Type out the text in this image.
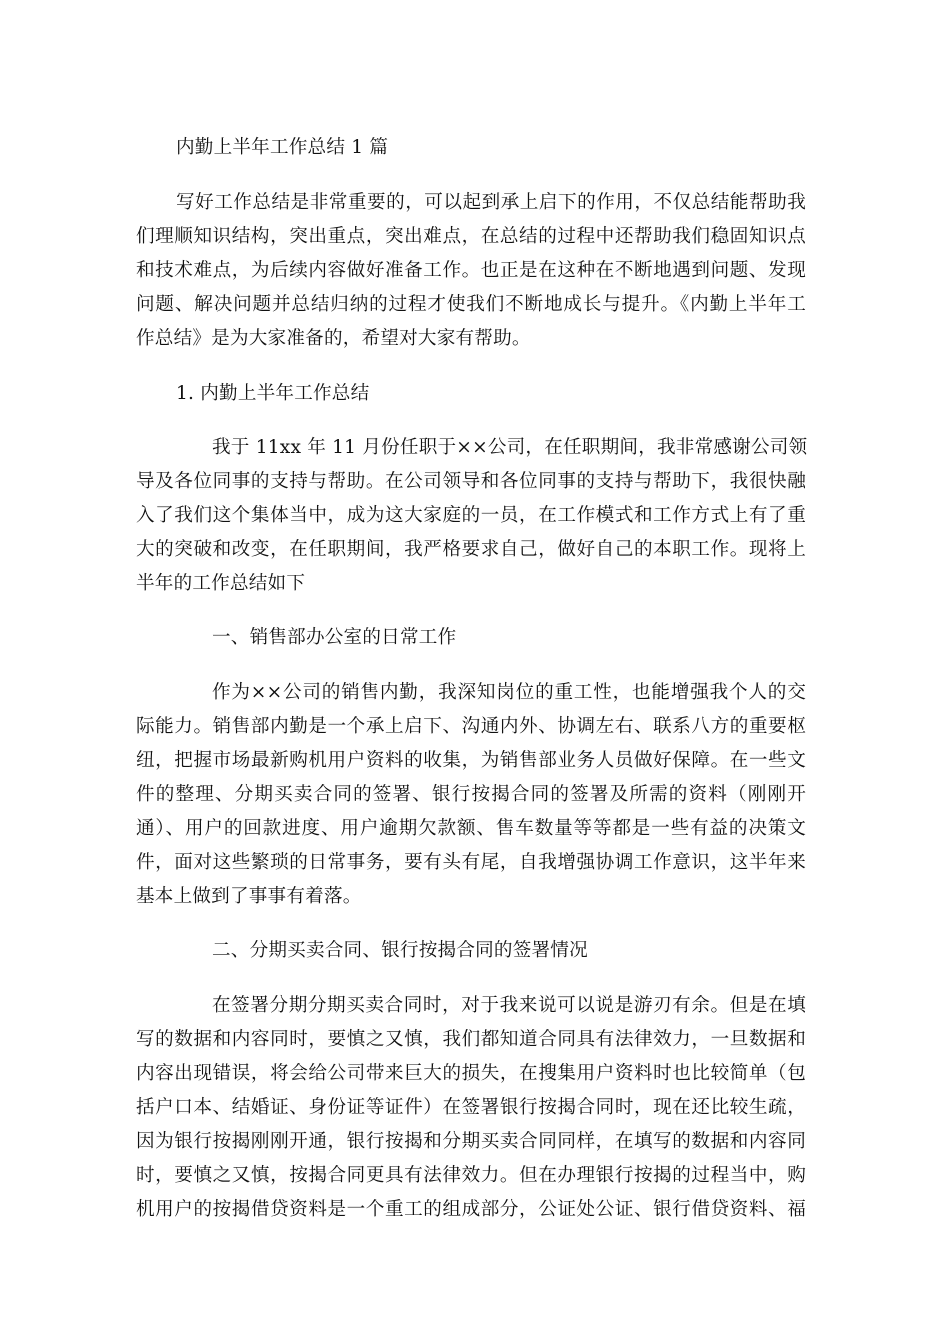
内勤上半年工作总结 1 篇
写好工作总结是非常重要的，可以起到承上启下的作用，不仅总结能帮助我
们理顺知识结构，突出重点，突出难点，在总结的过程中还帮助我们稳固知识点
和技术难点，为后续内容做好准备工作。也正是在这种在不断地遇到问题、发现
问题、解决问题并总结归纳的过程才使我们不断地成长与提升。《内勤上半年工
作总结》是为大家准备的，希望对大家有帮助。
1. 内勤上半年工作总结
我于 11xx 年 11 月份任职于××公司，在任职期间，我非常感谢公司领
导及各位同事的支持与帮助。在公司领导和各位同事的支持与帮助下，我很快融
入了我们这个集体当中，成为这大家庭的一员，在工作模式和工作方式上有了重
大的突破和改变，在任职期间，我严格要求自己，做好自己的本职工作。现将上
半年的工作总结如下
一、销售部办公室的日常工作
作为××公司的销售内勤，我深知岗位的重工性，也能增强我个人的交
际能力。销售部内勤是一个承上启下、沟通内外、协调左右、联系八方的重要枢
纽，把握市场最新购机用户资料的收集，为销售部业务人员做好保障。在一些文
件的整理、分期买卖合同的签署、银行按揭合同的签署及所需的资料（刚刚开
通）、用户的回款进度、用户逾期欠款额、售车数量等等都是一些有益的决策文
件，面对这些繁琐的日常事务，要有头有尾，自我增强协调工作意识，这半年来
基本上做到了事事有着落。
二、分期买卖合同、银行按揭合同的签署情况
在签署分期分期买卖合同时，对于我来说可以说是游刃有余。但是在填
写的数据和内容同时，要慎之又慎，我们都知道合同具有法律效力，一旦数据和
内容出现错误，将会给公司带来巨大的损失，在搜集用户资料时也比较简单（包
括户口本、结婚证、身份证等证件）在签署银行按揭合同时，现在还比较生疏，
因为银行按揭刚刚开通，银行按揭和分期买卖合同同样，在填写的数据和内容同
时，要慎之又慎，按揭合同更具有法律效力。但在办理银行按揭的过程当中，购
机用户的按揭借贷资料是一个重工的组成部分，公证处公证、银行借贷资料、福
